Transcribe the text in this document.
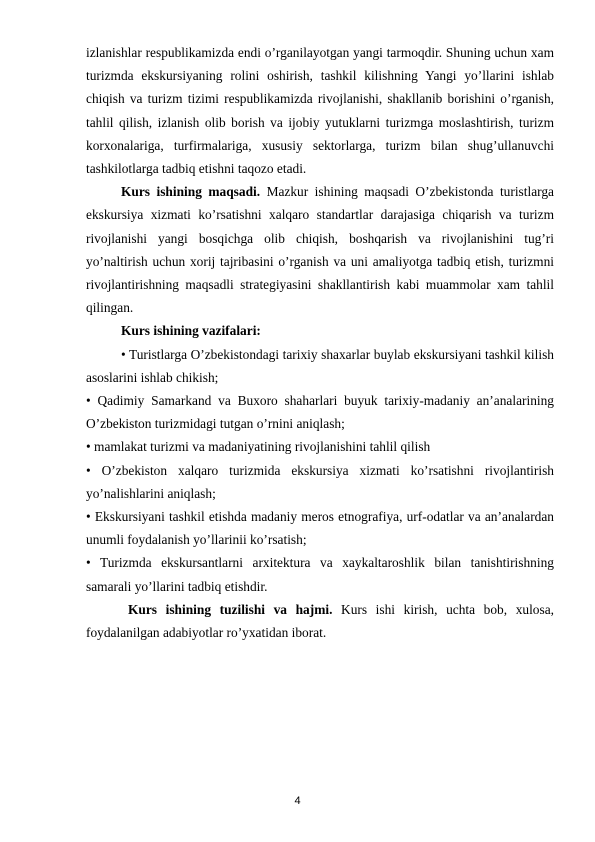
izlanishlar respublikamizda endi o’rganilayotgan yangi tarmoqdir. Shuning uchun xam turizmda ekskursiyaning rolini oshirish, tashkil kilishning Yangi yo’llarini ishlab chiqish va turizm tizimi respublikamizda rivojlanishi, shakllanib borishini o’rganish, tahlil qilish, izlanish olib borish va ijobiy yutuklarni turizmga moslashtirish, turizm korxonalariga, turfirmalariga, xususiy sektorlarga, turizm bilan shug’ullanuvchi tashkilotlarga tadbiq etishni taqozo etadi.

Kurs ishining maqsadi. Mazkur ishining maqsadi O’zbekistonda turistlarga ekskursiya xizmati ko’rsatishni xalqaro standartlar darajasiga chiqarish va turizm rivojlanishi yangi bosqichga olib chiqish, boshqarish va rivojlanishini tug’ri yo’naltirish uchun xorij tajribasini o’rganish va uni amaliyotga tadbiq etish, turizmni rivojlantirishning maqsadli strategiyasini shakllantirish kabi muammolar xam tahlil qilingan.

Kurs ishining vazifalari:

• Turistlarga O’zbekistondagi tarixiy shaxarlar buylab ekskursiyani tashkil kilish asoslarini ishlab chikish;

• Qadimiy Samarkand va Buxoro shaharlari buyuk tarixiy-madaniy an’analarining O’zbekiston turizmidagi tutgan o’rnini aniqlash;

• mamlakat turizmi va madaniyatining rivojlanishini tahlil qilish

• O’zbekiston xalqaro turizmida ekskursiya xizmati ko’rsatishni rivojlantirish yo’nalishlarini aniqlash;

• Ekskursiyani tashkil etishda madaniy meros etnografiya, urf-odatlar va an’analardan unumli foydalanish yo’llarinii ko’rsatish;

• Turizmda ekskursantlarni arxitektura va xaykaltaroshlik bilan tanishtirishning samarali yo’llarini tadbiq etishdir.

Kurs ishining tuzilishi va hajmi. Kurs ishi kirish, uchta bob, xulosa, foydalanilgan adabiyotlar ro’yxatidan iborat.

4
